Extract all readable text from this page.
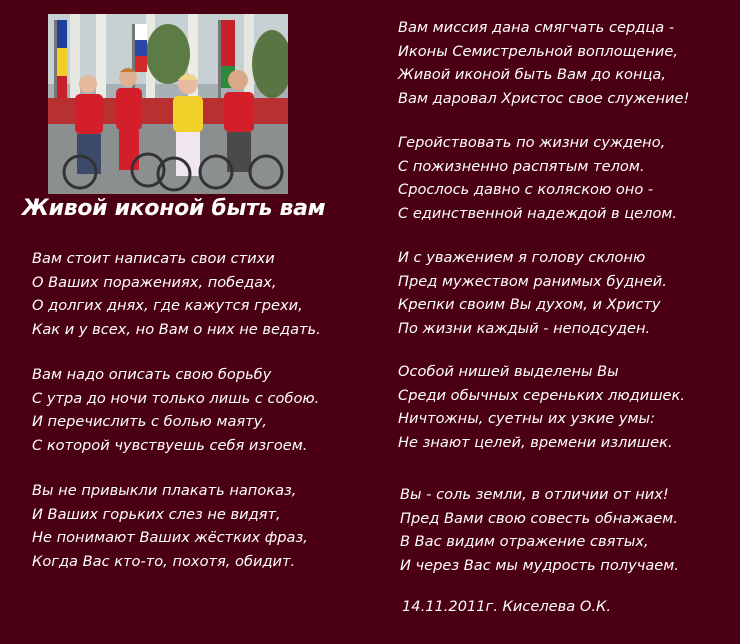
Живой иконой быть вам
Вам стоит написать свои стихи
О Ваших поражениях, победах,
О долгих днях, где кажутся грехи,
Как и у всех, но Вам о них не ведать.
Вам надо описать свою борьбу
С утра до ночи только лишь с собою.
И перечислить с болью маяту,
С которой чувствуешь себя изгоем.
Вы не привыкли плакать напоказ,
И Ваших горьких слез не видят,
Не понимают Ваших жёстких фраз,
Когда Вас кто-то, похотя, обидит.
Вам миссия дана смягчать сердца -
Иконы Семистрельной воплощение,
Живой иконой быть Вам до конца,
Вам даровал Христос свое служение!
Геройствовать по жизни суждено,
С пожизненно распятым телом.
Срослось давно с коляскою оно -
С единственной надеждой в целом.
И с уважением я голову склоню
Пред мужеством ранимых будней.
Крепки своим Вы духом, и Христу
По жизни каждый - неподсуден.
Особой нишей выделены Вы
Среди обычных сереньких людишек.
Ничтожны, суетны их узкие умы:
Не знают целей, времени излишек.
Вы - соль земли, в отличии от них!
Пред Вами свою совесть обнажаем.
В Вас видим отражение святых,
И через Вас мы мудрость получаем.
14.11.2011г. Киселева О.К.
